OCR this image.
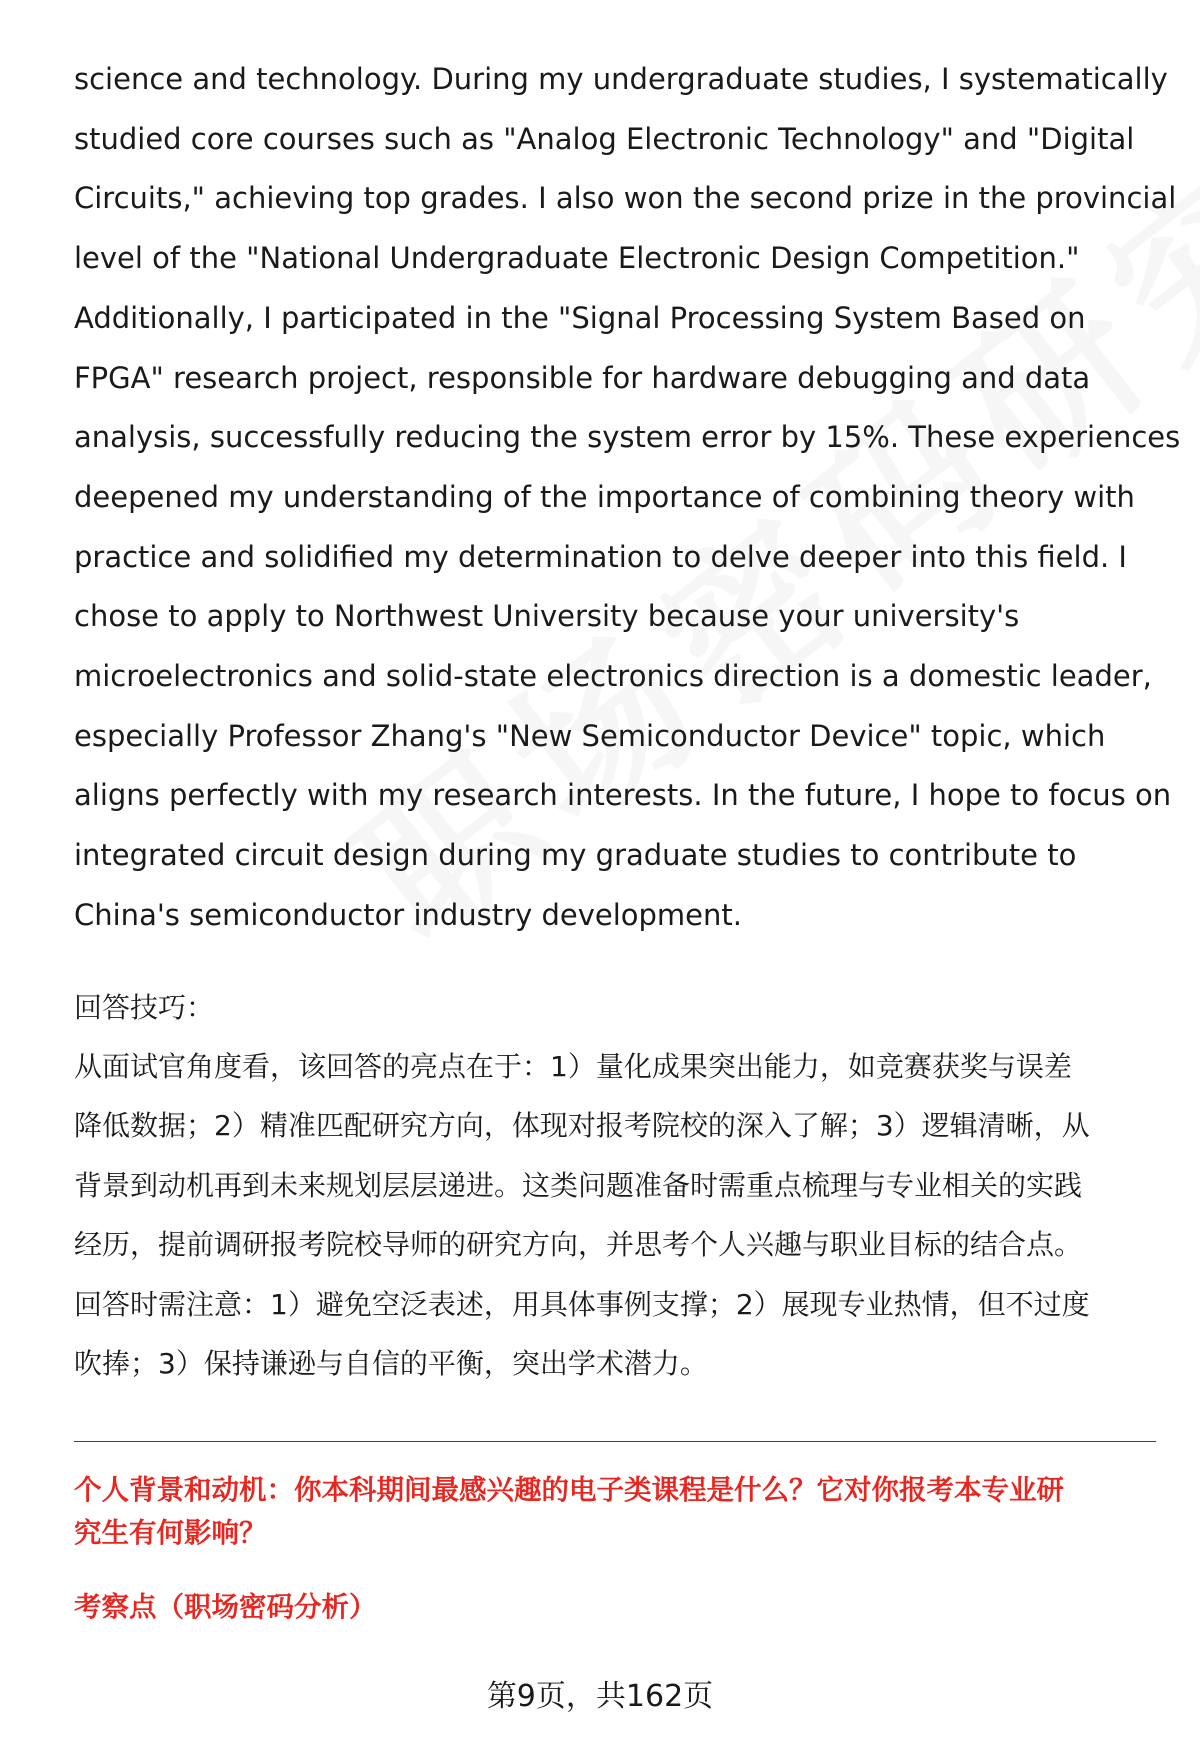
science and technology. During my undergraduate studies, I systematically
studied core courses such as "Analog Electronic Technology" and "Digital
Circuits," achieving top grades. I also won the second prize in the provincial
level of the "National Undergraduate Electronic Design Competition."
Additionally, I participated in the "Signal Processing System Based on
FPGA" research project, responsible for hardware debugging and data
analysis, successfully reducing the system error by 15%. These experiences
deepened my understanding of the importance of combining theory with
practice and solidified my determination to delve deeper into this field. I
chose to apply to Northwest University because your university's
microelectronics and solid-state electronics direction is a domestic leader,
especially Professor Zhang's "New Semiconductor Device" topic, which
aligns perfectly with my research interests. In the future, I hope to focus on
integrated circuit design during my graduate studies to contribute to
China's semiconductor industry development.
回答技巧：
从面试官角度看，该回答的亮点在于：1）量化成果突出能力，如竞赛获奖与误差
降低数据；2）精准匹配研究方向，体现对报考院校的深入了解；3）逻辑清晰，从
背景到动机再到未来规划层层递进。这类问题准备时需重点梳理与专业相关的实践
经历，提前调研报考院校导师的研究方向，并思考个人兴趣与职业目标的结合点。
回答时需注意：1）避免空泛表述，用具体事例支撑；2）展现专业热情，但不过度
吹捧；3）保持谦逊与自信的平衡，突出学术潜力。
个人背景和动机：你本科期间最感兴趣的电子类课程是什么？它对你报考本专业研
究生有何影响？
考察点（职场密码分析）
第9页，共162页
